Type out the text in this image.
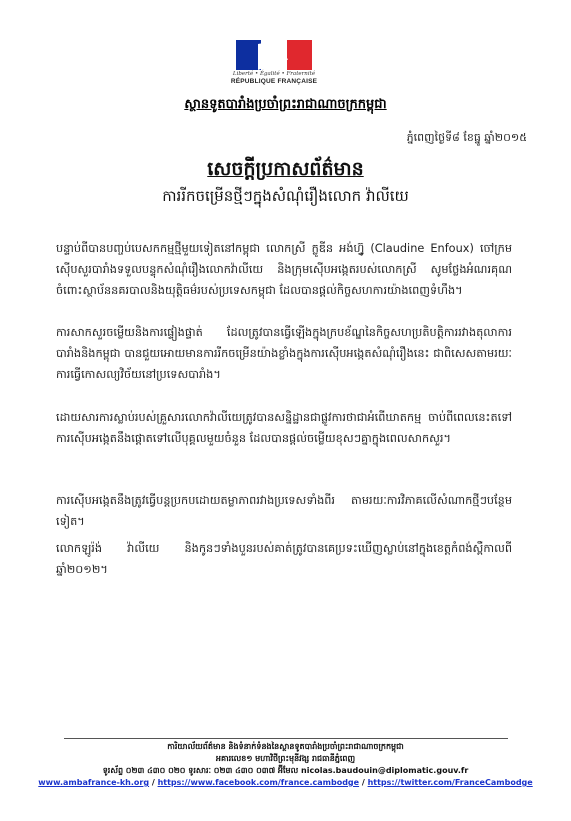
Liberté • Égalité • Fraternité
RÉPUBLIQUE FRANÇAISE
ស្ថានទូតបារាំងប្រចាំព្រះរាជាណាចក្រកម្ពុជា
ភ្នំពេញថ្ងៃទី៨ ខែធ្នូ ឆ្នាំ២០១៥
សេចក្តីប្រកាសព័ត៌មាន
ការរីកចម្រើនថ្មីៗក្នុងសំណុំរឿងលោក វ៉ាលីយេ
បន្ទាប់ពីបានបញ្ចប់បេសកកម្មថ្មីមួយទៀតនៅកម្ពុជា លោកស្រី ក្លូឌីន អង់ហ្វ៊ូ (Claudine Enfoux) ចៅក្រមស៊ើបសួរបារាំងទទួលបន្ទុកសំណុំរឿងលោកវ៉ាលីយេ និងក្រុមស៊ើបអង្កេតរបស់លោកស្រី សូមថ្លែងអំណរគុណចំពោះស្ថាប័ននគរបាលនិងយុត្តិធម៌របស់ប្រទេសកម្ពុជា ដែលបានផ្តល់កិច្ចសហការយ៉ាងពេញទំហឹង។
ការសាកសួរចម្លើយនិងការផ្ទៀងផ្ទាត់ ដែលត្រូវបានធ្វើឡើងក្នុងក្របខ័ណ្ឌនៃកិច្ចសហប្រតិបត្តិការរវាងតុលាការបារាំងនិងកម្ពុជា បានជួយអោយមានការរីកចម្រើនយ៉ាងខ្លាំងក្នុងការស៊ើបអង្កេតសំណុំរឿងនេះ ជាពិសេសតាមរយៈការធ្វើកោសល្យវិច័យនៅប្រទេសបារាំង។
ដោយសារការស្លាប់របស់គ្រួសារលោកវ៉ាលីយេត្រូវបានសន្និដ្ឋានជាផ្លូវការថាជាអំពើឃាតកម្ម ចាប់ពីពេលនេះតទៅ ការស៊ើបអង្កេតនឹងផ្តោតទៅលើបុគ្គលមួយចំនួន ដែលបានផ្តល់ចម្លើយខុសៗគ្នាក្នុងពេលសាកសួរ។
ការស៊ើបអង្កេតនឹងត្រូវធ្វើបន្តប្រកបដោយតម្លាភាពរវាងប្រទេសទាំងពីរ តាមរយៈការវិភាគលើសំណាកថ្មីៗបន្ថែមទៀត។
លោកឡូរ៉ង់ វ៉ាលីយេ និងកូនៗទាំងបួនរបស់គាត់ត្រូវបានគេប្រទះឃើញស្លាប់នៅក្នុងខេត្តកំពង់ស្ពឺកាលពីឆ្នាំ២០១២។
ការិយាល័យព័ត៌មាន និងទំនាក់ទំនងនៃស្ថានទូតបារាំងប្រចាំព្រះរាជាណាចក្រកម្ពុជា
អគារលេខ១ មហាវិថីព្រះមុនីវង្ស រាជធានីភ្នំពេញ
ទូរស័ព្ទ ០២៣ ៤៣០ ០២០ ទូរសារៈ ០២៣ ៤៣០ ០៣៧ អ៊ីមែល nicolas.baudouin@diplomatic.gouv.fr
www.ambafrance-kh.org / https://www.facebook.com/france.cambodge / https://twitter.com/FranceCambodge
